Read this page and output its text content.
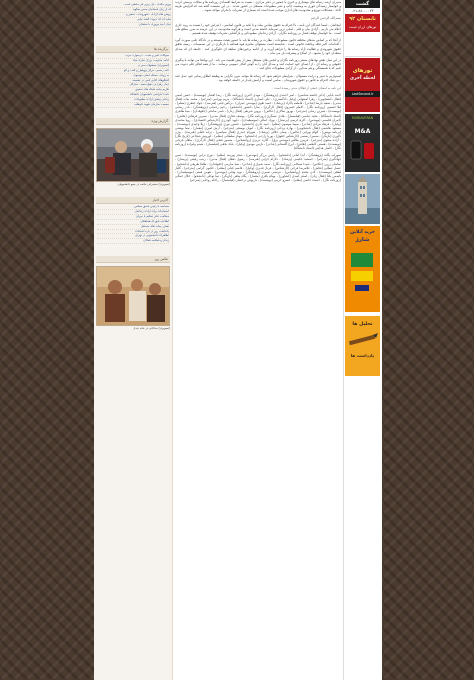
پرویز خالدی ، یک ریزپر فی مذهبی است
که از زبان آسمانیان سخن میگوید
روشن های آزادی ، شهروندی ، تحقیر و
سایه ای که «بود» گفتند جایی
دیدار امید پیروزی با منتقدان
برگزیده ها
سوالات اخیر و مثبت ، «رسول» حزب
ادامه مداومت بزرگ سازی بنیاد
[تصویری] جنبشهای سبز در
نامه رسمی، مرکز پژوهش و گفت و گو
به زودی، مسئله اصلی موسوی
گفتگوهای کتابی قمی در نشسته
دیدار زهرا بی، هیچ سفید ، سازگار
تکریم بیانیه شبکه های تحقیق
نامه اعتراضی دانشجویان دانشگاه
زندانی پیشین آزادی مطبوعات
جمعیت سازمان شهید داوطلب
گزارش ویژه
[تصویری] سخنرانی خاتمه در جمع دانشجویان
آخرین اخبار
مصاحبه با رئیس اسبق مجلس
احتجاجات برای آزادی زندانیان
مخالفت دفتر تحکیم با جریان
اطلاعیه شورای هماهنگی
نقش رسانه های مستقل
یادداشت روز در باره انتخابات
تظاهرات دانشجویی در تهران
زندان و شکنجه فعالان
عکس روز
[تصویری] ساعاتی در خانه دیدار

مدیران ارشد رسانه های نوشتاری و خبری با حضور در دفتر مرکزی ، نسبت به شرایط اقتصادی روزنامه ها و مجلات پرسش کردند و خواستار رسیدگی فوری به وضعیت چاپ و نشر مطبوعات مستقل در کشور شدند . در این نشست گفته شد که افزایش هزینه کاغذ ، مشکلات توزیع و محدودیت های اداری موجب شده است که بسیاری از نشریات با بحران مواجه شوند .

بسم الله الرحمن الرحیم

اینجانبان ، امضا کنندگان این نامه ، با احترام به حقوق بنیادین ملت و با تکیه بر قانون اساسی ، اعتراض خود را نسبت به روند جاری اعلام می داریم . آزادی بیان و قلم ، اصلی ترین سرمایه جامعه مدنی است و هرگونه محدودیت در این عرصه به ضرر منافع ملی است . ما خواستار توقف فشار بر روزنامه نگاران ، آزادی زندانیان مطبوعاتی و بازگشایی نشریات توقیف شده هستیم .

از آنجا که بر اساس بندهای مختلف قانون مطبوعات ، نظارت بر رسانه ها باید با حضور هیئت منصفه و در دادگاه علنی صورت گیرد ، اقدامات اخیر فاقد وجاهت قانونی است . شایسته است مسئولان محترم قوه قضائیه با بازنگری در این تصمیمات ، زمینه تحقق حقوق شهروندی و فعالیت آزاد رسانه ها را فراهم آورند و از ادامه برخوردهای سلیقه ای جلوگیری کنند . جامعه ای که صدای منتقدان خود را نشنود ، از اصلاح و پیشرفت باز می ماند .

در این میان نقش نهادهای صنفی روزنامه نگاران و انجمن های مستقل بیش از پیش اهمیت می یابد . این نهادها می توانند با پیگیری حقوقی و رسانه ای ، از اعضای خود حمایت کنند و صدای آنان را به گوش افکار عمومی برسانند . ما از همه اهالی قلم دعوت می کنیم که با همبستگی و هم صدایی ، از آزادی مطبوعات دفاع کنند .

امیدواریم با تدبیر و درایت مسئولان ، شرایطی فراهم شود که رسانه ها بتوانند بدون نگرانی به وظیفه اطلاع رسانی خود عمل کنند . بی شک احترام به قانون و حقوق شهروندان ، ضامن امنیت و آرامش پایدار در جامعه خواهد بود .

این نامه به امضای جمعی از فعالان مدنی رسیده است :

احمد بابایی (دکتر جامعه شناسی) ، امیر احمدی (پژوهشگر) ، مهدی اکبری (روزنامه نگار) ، رضا افشار (نویسنده) ، حسن امینی (فعال دانشجویی) ، زهرا اصفهانی (وکیل دادگستری) ، علی انصاری (استاد دانشگاه) ، مریم بهرامی (مترجم) ، محمد بیات (فعال مدنی) ، سعید پارسا (شاعر) ، فاطمه پاکزاد (پزشک) ، حمید تقوی (مهندس عمران) ، نرگس ثابتی (هنرمند) ، جواد جعفری (معلم) ، لیلا حسینی (روزنامه نگار) ، کاظم خسروی (فعال کارگری) ، سارا دانشور (دانشجو) ، رحیم رحمانی (پژوهشگر) ، نادر رضایی (نویسنده) ، شیرین زمانی (مترجم) ، بهروز سالاری (عکاس) ، پروین شریفی (فعال زنان) ، ناصر صادقی (حقوقدان) ، مینا طاهری (استاد دانشگاه) ، مجید عباسی (فیلمساز) ، هادی عسگری (روزنامه نگار) ، یوسف غفاری (فعال مدنی) ، نسرین فرهادی (نقاش) ، کامران قاسمی (مهندس) ، اکرم کریمی (پرستار) ، بهزاد کمالی (موسیقیدان) ، داوود گودرزی (کارشناس اقتصادی) ، رویا محمدی (وکیل) ، فرهاد مرادی (شاعر) ، سیما موسوی (معلم) ، امید نادری (دانشجو) ، حسین نوری (پژوهشگر) ، ژیلا وحیدی (نویسنده) ، مسعود هاشمی (فعال دانشجویی) ، بهاره یزدانی (روزنامه نگار) ، کیوان یوسفی (مترجم) ، آرش امیری (معمار) ، نیما بهشتی (برنامه نویس) ، الهام تهرانی (عکاس) ، پیمان جلالی (پزشک) ، شهرام حیدری (فعال سیاسی) ، ترانه خلیلی (هنرمند) ، بیژن دلاوری (بازیگر) ، سمیرا رستمی (کارشناس حقوق) ، پوریا زارعی (دانشجو) ، مهناز سلطانی (معلم) ، کوروش شجاعی (تاریخ نگار) ، آزاده صفوی (مترجم) ، فریبرز طالبی (مهندس برق) ، گلاره عزیزی (روانشناس) ، منصور فتحی (فعال کارگری) ، ماهان قربانی (نویسنده) ، هستی کاظمی (نقاش) ، ایرج گلستانی (شاعر) ، نازنین مهدوی (وکیل) ، بابک نجفی (فیلمساز) ، شبنم ولیزاده (روزنامه نگار) ، کامیار هدایتی (استاد دانشگاه)

سهراب یگانه (پژوهشگر) ، آیدا امانی (دانشجو) ، رامین برزگر (مهندس) ، سحر پورمند (معلم) ، تورج ترابی (نویسنده) ، ثمین جهانگیری (مترجم) ، جمشید حکیمی (پزشک) ، دلارام خزایی (هنرمند) ، رسول دهقان (فعال مدنی) ، زینب رفیعی (پرستار) ، ساسان زرین (عکاس) ، شیدا سبحانی (روزنامه نگار) ، صمد شیرازی (شاعر) ، ضیا صارمی (حقوقدان) ، طاها ظریفی (دانشجو) ، عسل عطایی (نقاش) ، غلامرضا فرجی (کارشناس) ، فرناز قدیری (وکیل) ، قاسم کیانی (معلم) ، کتایون گرامی (مترجم) ، گلناز لطفی (نویسنده) ، لادن مقدم (روانشناس) ، مرتضی نصیری (پژوهشگر) ، نوید وفایی (مهندس) ، هومن همتی (موسیقیدان) ، یاسمن یکتا (فعال زنان) ، اصغر اسدی (کشاورز) ، بهنام باقری (معمار) ، پگاه پناهی (بازیگر) ، تینا توکلی (دانشجو) ، جلال جمالی (روزنامه نگار) ، حمیده حاتمی (معلم) ، خسرو خرمی (نویسنده) ، داریوش درخشان (فیلمساز) ، راحله روحانی (مترجم)

گشت
۰۲۱-۸۸۰۰۰۰۲۴
تابستان ۹۲
تورهای ارزان قیمت
تورهای
لحظه آخری
LastSecond.ir
MOBIAVERAN
M&A
خرید آنلاین
شارژ
تحلیل ها
یادداشت ها
